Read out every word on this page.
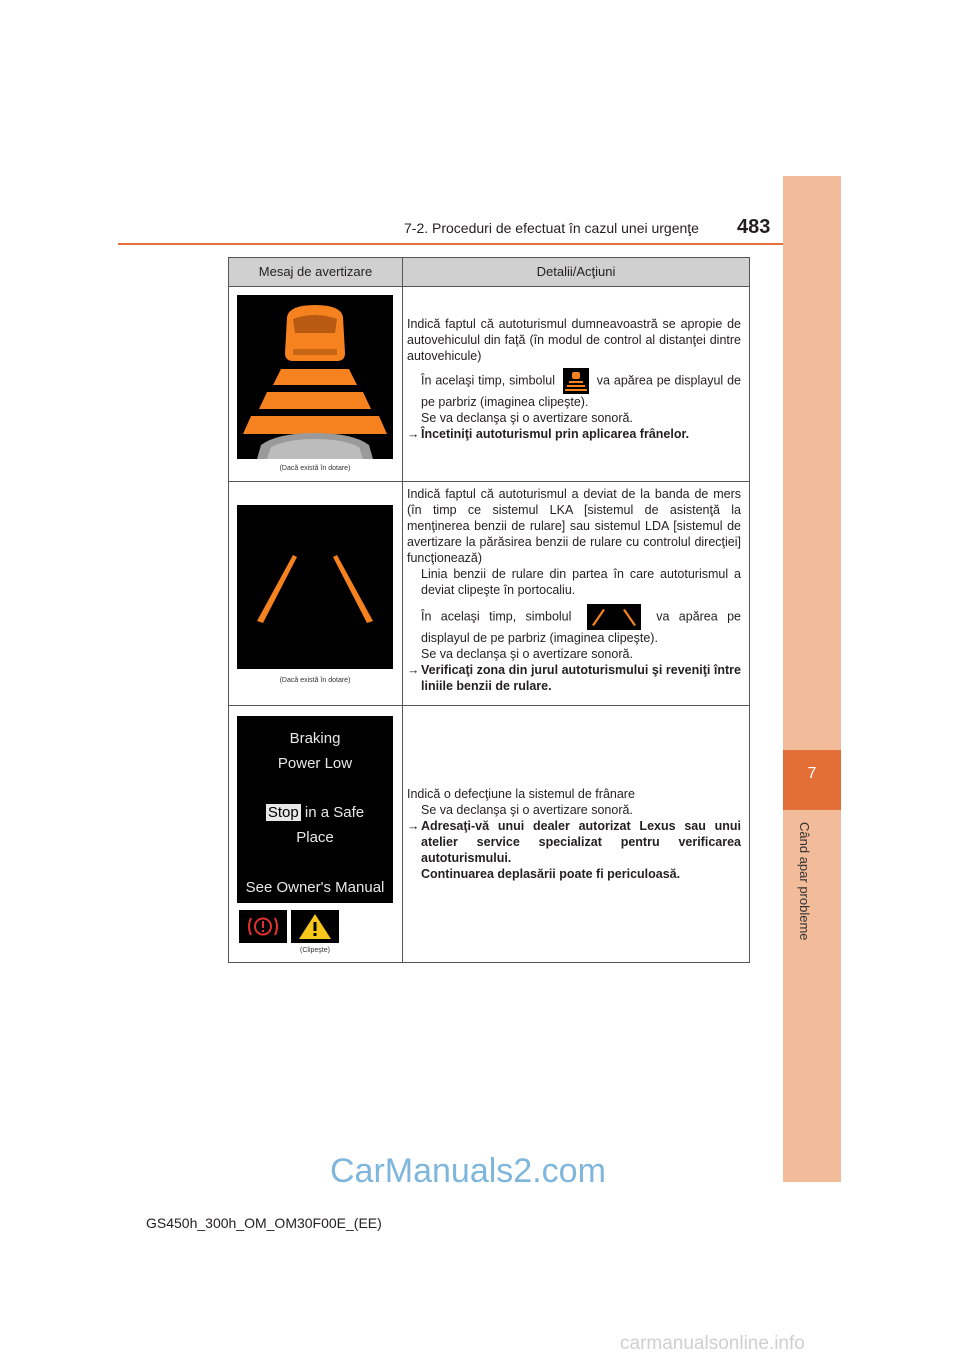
7
Când apar probleme
7-2. Proceduri de efectuat în cazul unei urgenţe 483
Mesaj de avertizare	Detalii/Acţiuni
(Dacă există în dotare)

Indică faptul că autoturismul dumneavoastră se apropie de autovehiculul din faţă (în modul de control al distanţei dintre autovehicule)

În acelaşi timp, simbolul	va apărea pe displayul de pe parbriz (imaginea clipeşte).

Se va declanşa şi o avertizare sonoră.

→ Încetiniţi autoturismul prin aplicarea frânelor.
(Dacă există în dotare)

Indică faptul că autoturismul a deviat de la banda de mers (în timp ce sistemul LKA [sistemul de asistenţă la menţinerea benzii de rulare] sau sistemul LDA [sistemul de avertizare la părăsirea benzii de rulare cu controlul direcţiei] funcţionează)

Linia benzii de rulare din partea în care autoturismul a deviat clipeşte în portocaliu.

În acelaşi timp, simbolul	va apărea pe displayul de pe parbriz (imaginea clipeşte).

Se va declanşa şi o avertizare sonoră.

→ Verificaţi zona din jurul autoturismului şi reveniţi între liniile benzii de rulare.
Braking
Power Low
Stop in a Safe
Place
See Owner's Manual
(Clipeşte)

Indică o defecţiune la sistemul de frânare

Se va declanşa şi o avertizare sonoră.

→ Adresaţi-vă unui dealer autorizat Lexus sau unui atelier service specializat pentru verificarea autoturismului.

Continuarea deplasării poate fi periculoasă.

GS450h_300h_OM_OM30F00E_(EE)
CarManuals2.com
carmanualsonline.info
